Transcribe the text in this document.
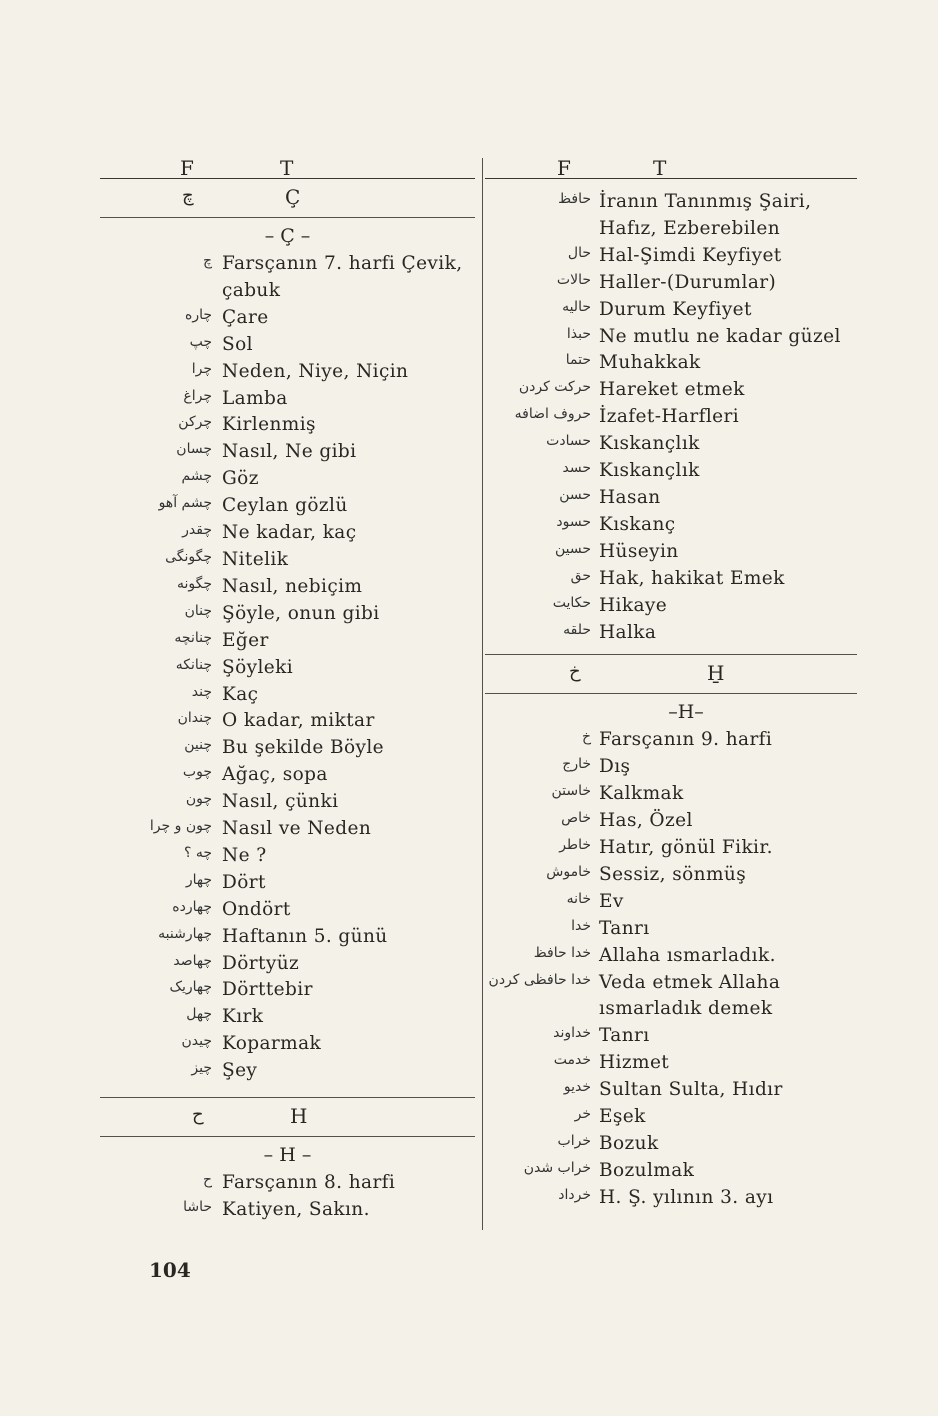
F	T
چ	Ç
– Ç –
چ Farsçanın 7. harfi Çevik, çabuk
چاره Çare
چپ Sol
چرا Neden, Niye, Niçin
چراغ Lamba
چرکن Kirlenmiş
چسان Nasıl, Ne gibi
چشم Göz
چشم آهو Ceylan gözlü
چقدر Ne kadar, kaç
چگونگی Nitelik
چگونه Nasıl, nebiçim
چنان Şöyle, onun gibi
چنانچه Eğer
چنانکه Şöyleki
چند Kaç
چندان O kadar, miktar
چنین Bu şekilde Böyle
چوب Ağaç, sopa
چون Nasıl, çünki
چون و چرا Nasıl ve Neden
چه ؟ Ne ?
چهار Dört
چهارده Ondört
چهارشنبه Haftanın 5. günü
چهاصد Dörtyüz
چهاریک Dörttebir
چهل Kırk
چیدن Koparmak
چیز Şey
ح	H
– H –
ح Farsçanın 8. harfi
حاشا Katiyen, Sakın.
F	T
حافظ İranın Tanınmış Şairi, Hafız, Ezberebilen
حال Hal-Şimdi Keyfiyet
حالات Haller-(Durumlar)
حالیه Durum Keyfiyet
حبذا Ne mutlu ne kadar güzel
حتما Muhakkak
حرکت کردن Hareket etmek
حروف اضافه İzafet-Harfleri
حسادت Kıskançlık
حسد Kıskançlık
حسن Hasan
حسود Kıskanç
حسین Hüseyin
حق Hak, hakikat Emek
حکایت Hikaye
حلقه Halka
خ	H̱
–H–
خ Farsçanın 9. harfi
خارج Dış
خاستن Kalkmak
خاص Has, Özel
خاطر Hatır, gönül Fikir.
خاموش Sessiz, sönmüş
خانه Ev
خدا Tanrı
خدا حافظ Allaha ısmarladık.
خدا حافظی کردن Veda etmek Allaha ısmarladık demek
خداوند Tanrı
خدمت Hizmet
خدیو Sultan Sulta, Hıdır
خر Eşek
خراب Bozuk
خراب شدن Bozulmak
خرداد H. Ş. yılının 3. ayı
104
